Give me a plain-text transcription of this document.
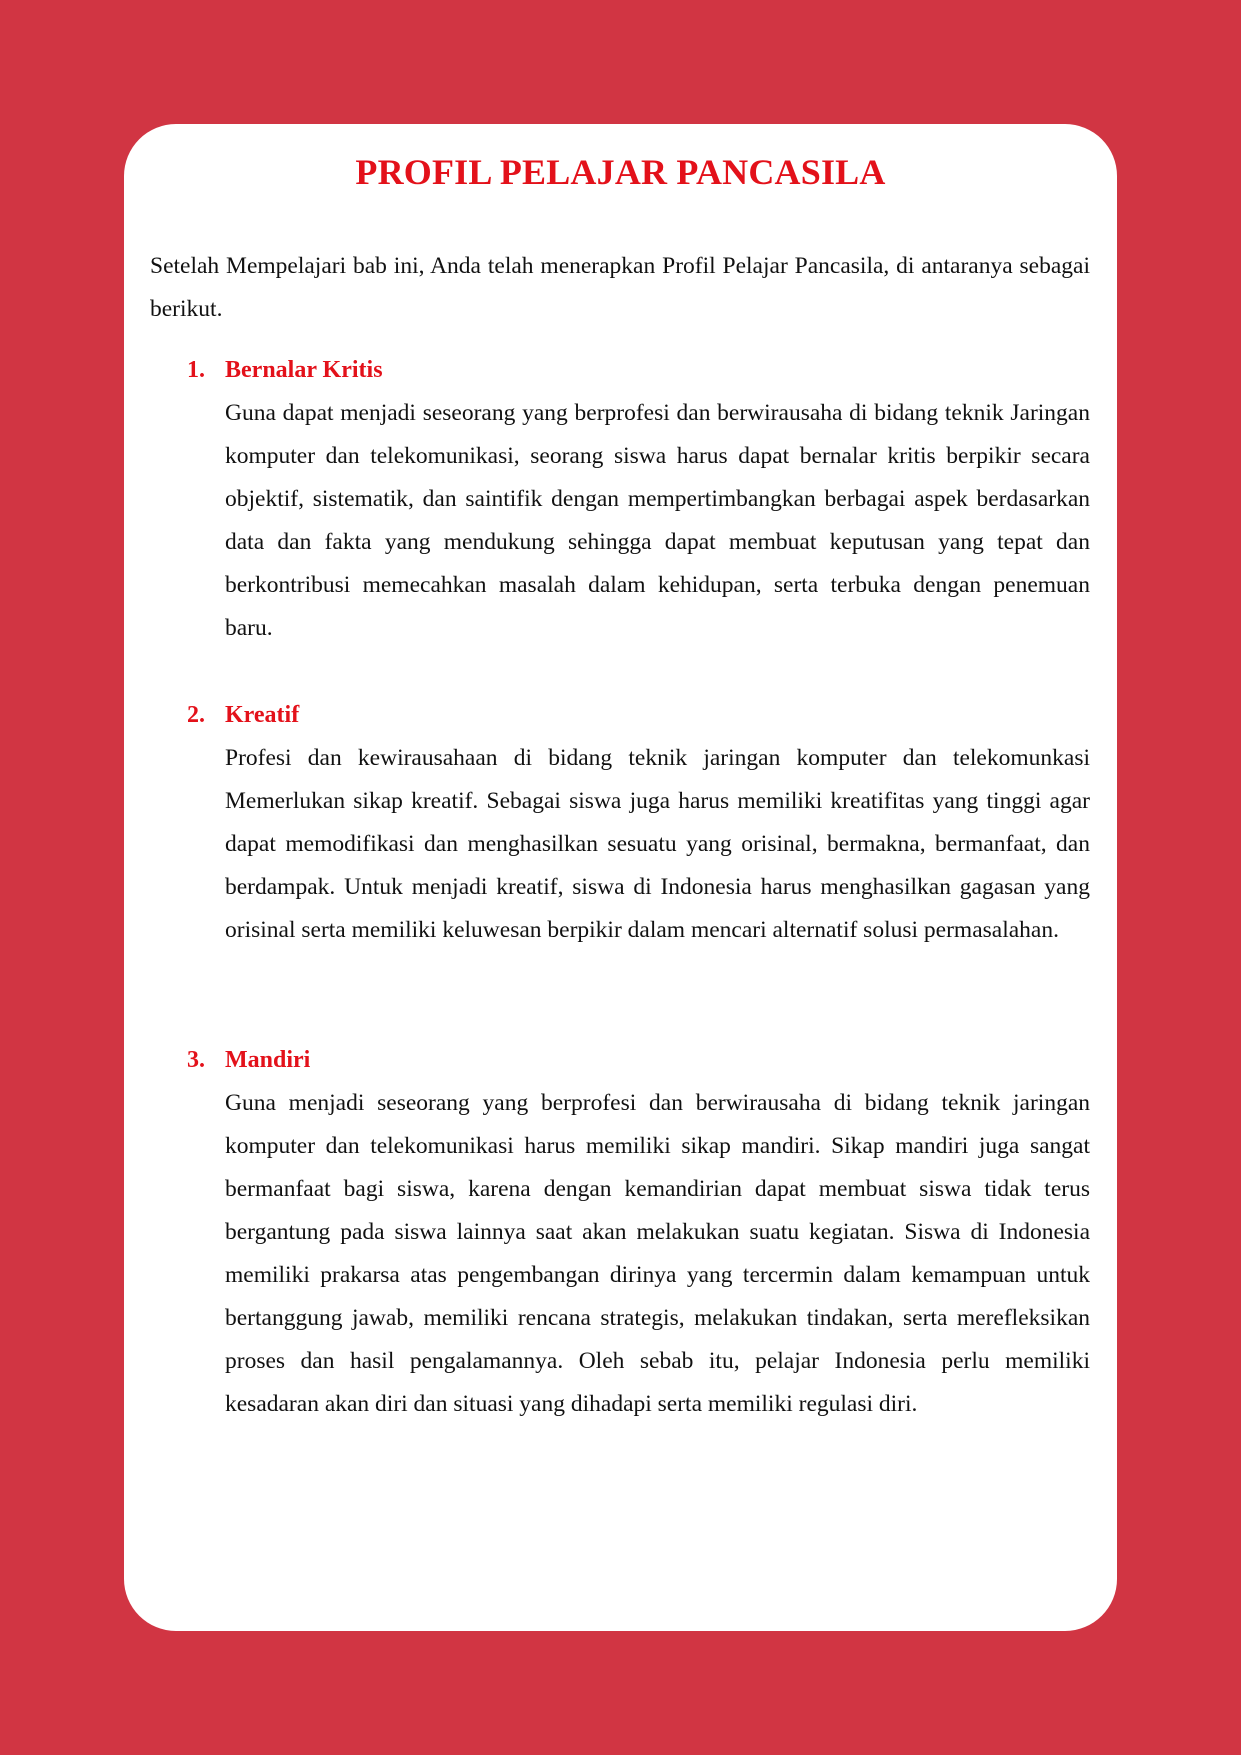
PROFIL PELAJAR PANCASILA

Setelah Mempelajari bab ini, Anda telah menerapkan Profil Pelajar Pancasila, di antaranya sebagai berikut.

1. Bernalar Kritis

Guna dapat menjadi seseorang yang berprofesi dan berwirausaha di bidang teknik Jaringan komputer dan telekomunikasi, seorang siswa harus dapat bernalar kritis berpikir secara objektif, sistematik, dan saintifik dengan mempertimbangkan berbagai aspek berdasarkan data dan fakta yang mendukung sehingga dapat membuat keputusan yang tepat dan berkontribusi memecahkan masalah dalam kehidupan, serta terbuka dengan penemuan baru.

2. Kreatif

Profesi dan kewirausahaan di bidang teknik jaringan komputer dan telekomunkasi Memerlukan sikap kreatif. Sebagai siswa juga harus memiliki kreatifitas yang tinggi agar dapat memodifikasi dan menghasilkan sesuatu yang orisinal, bermakna, bermanfaat, dan berdampak. Untuk menjadi kreatif, siswa di Indonesia harus menghasilkan gagasan yang orisinal serta memiliki keluwesan berpikir dalam mencari alternatif solusi permasalahan.

3. Mandiri

Guna menjadi seseorang yang berprofesi dan berwirausaha di bidang teknik jaringan komputer dan telekomunikasi harus memiliki sikap mandiri. Sikap mandiri juga sangat bermanfaat bagi siswa, karena dengan kemandirian dapat membuat siswa tidak terus bergantung pada siswa lainnya saat akan melakukan suatu kegiatan. Siswa di Indonesia memiliki prakarsa atas pengembangan dirinya yang tercermin dalam kemampuan untuk bertanggung jawab, memiliki rencana strategis, melakukan tindakan, serta merefleksikan proses dan hasil pengalamannya. Oleh sebab itu, pelajar Indonesia perlu memiliki kesadaran akan diri dan situasi yang dihadapi serta memiliki regulasi diri.
